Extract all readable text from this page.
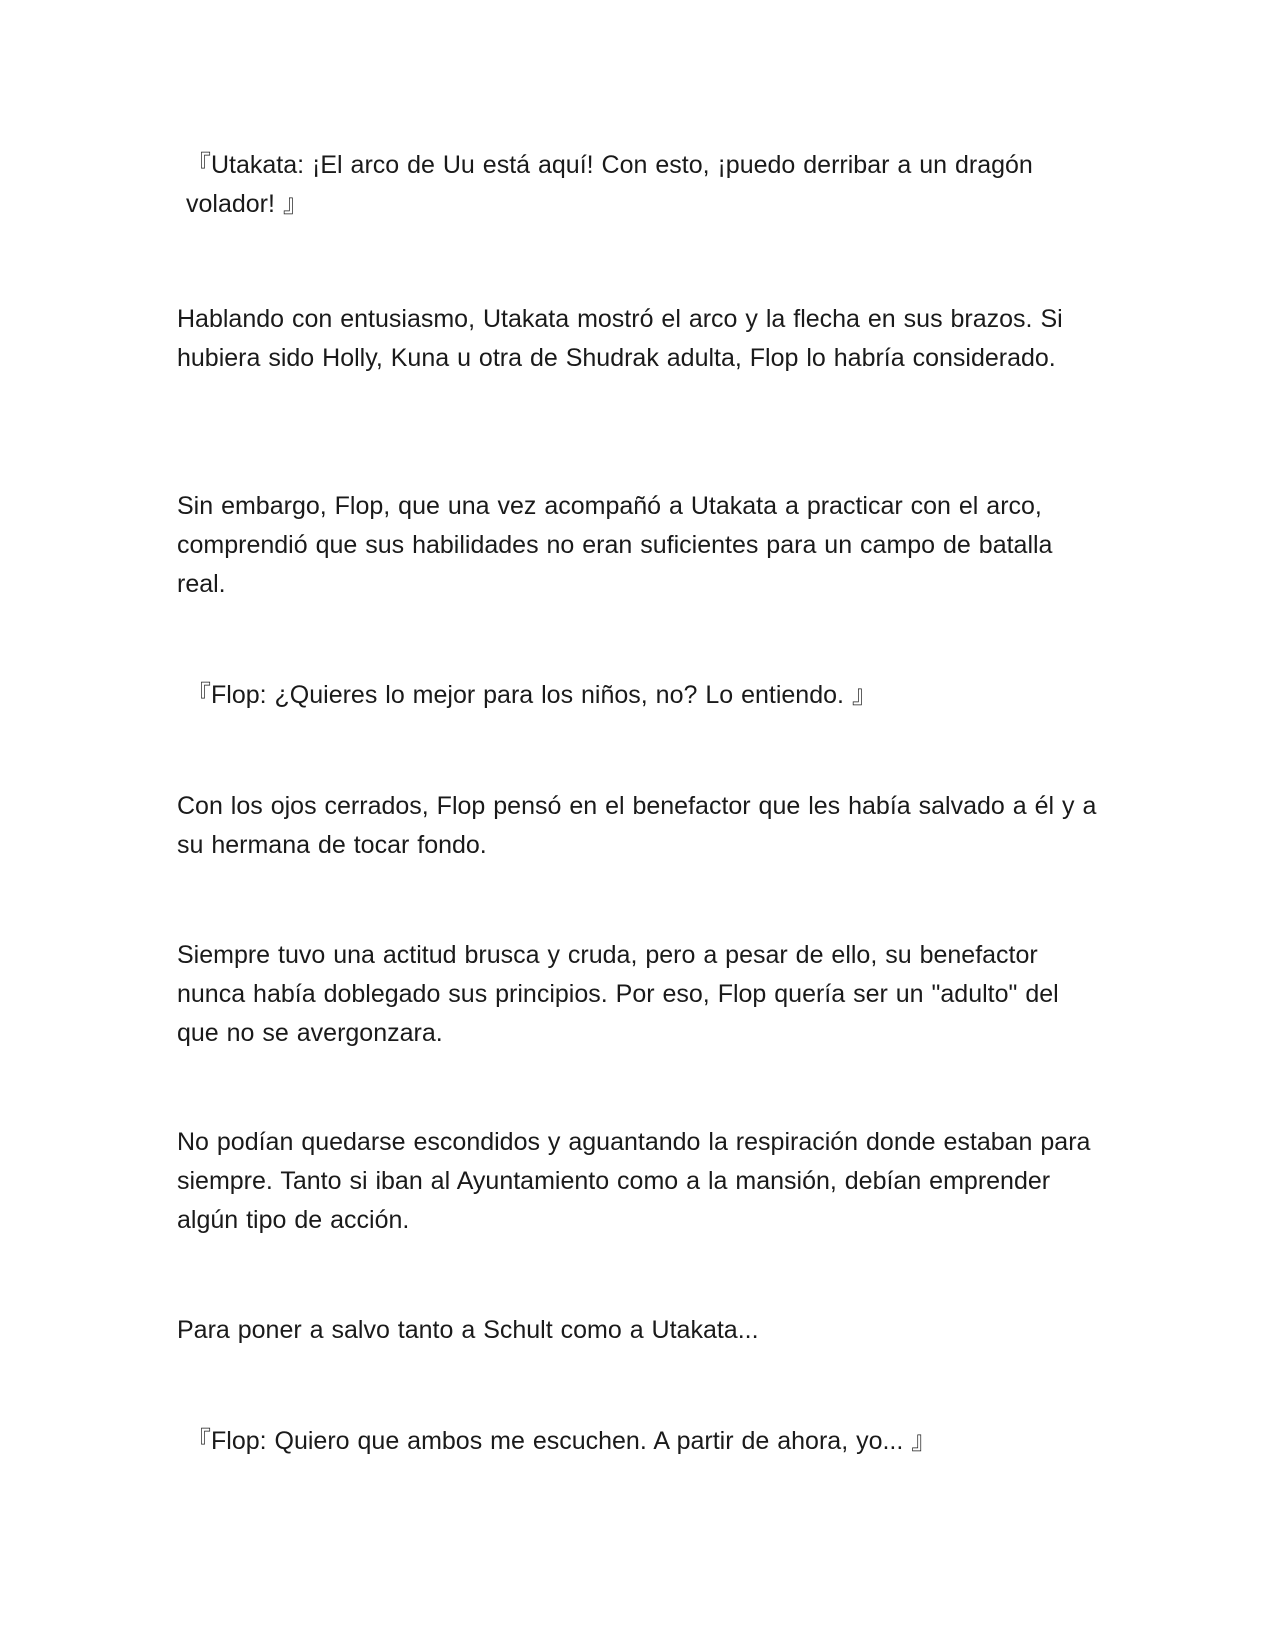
『Utakata: ¡El arco de Uu está aquí! Con esto, ¡puedo derribar a un dragón volador! 』

Hablando con entusiasmo, Utakata mostró el arco y la flecha en sus brazos. Si hubiera sido Holly, Kuna u otra de Shudrak adulta, Flop lo habría considerado.

Sin embargo, Flop, que una vez acompañó a Utakata a practicar con el arco, comprendió que sus habilidades no eran suficientes para un campo de batalla real.

『Flop: ¿Quieres lo mejor para los niños, no? Lo entiendo. 』

Con los ojos cerrados, Flop pensó en el benefactor que les había salvado a él y a su hermana de tocar fondo.

Siempre tuvo una actitud brusca y cruda, pero a pesar de ello, su benefactor nunca había doblegado sus principios. Por eso, Flop quería ser un "adulto" del que no se avergonzara.

No podían quedarse escondidos y aguantando la respiración donde estaban para siempre. Tanto si iban al Ayuntamiento como a la mansión, debían emprender algún tipo de acción.

Para poner a salvo tanto a Schult como a Utakata...

『Flop: Quiero que ambos me escuchen. A partir de ahora, yo... 』
